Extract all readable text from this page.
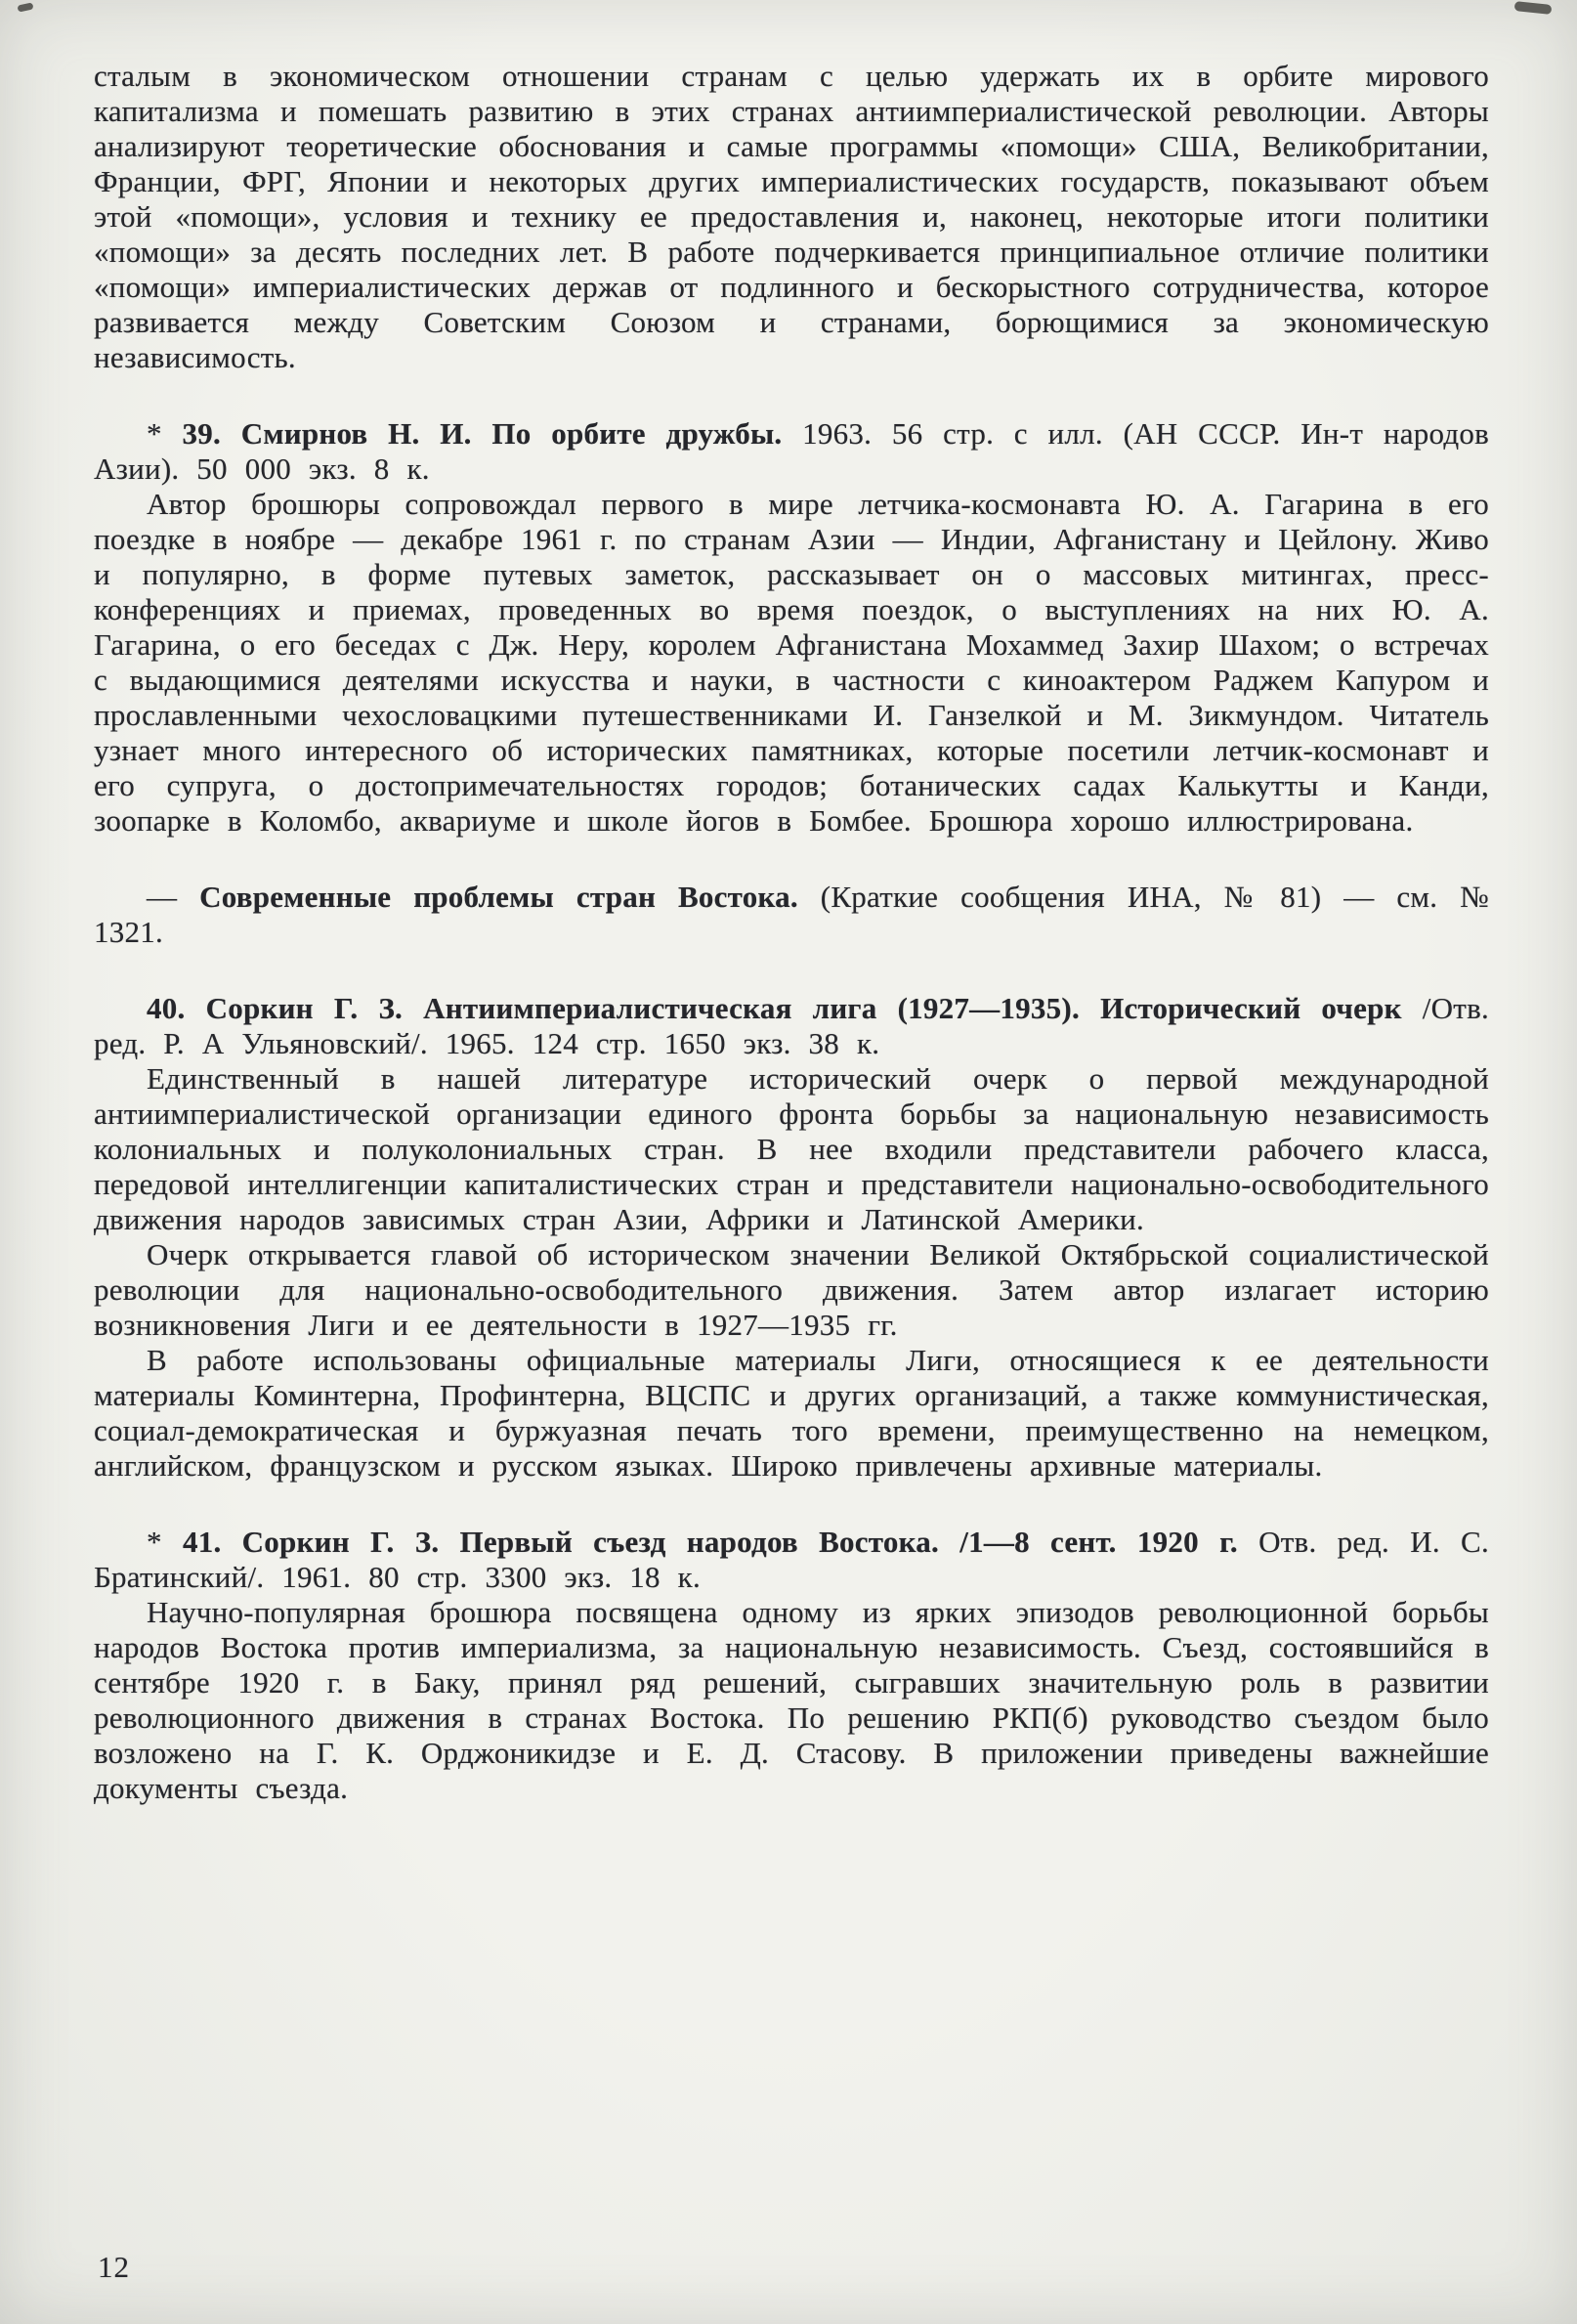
сталым в экономическом отношении странам с целью удержать их в орбите мирового капитализма и помешать развитию в этих странах антиимпериалистической революции. Авторы анализируют теоретические обоснования и самые программы «помощи» США, Великобритании, Франции, ФРГ, Японии и некоторых других империалистических государств, показывают объем этой «помощи», условия и технику ее предоставления и, наконец, некоторые итоги политики «помощи» за десять последних лет. В работе подчеркивается принципиальное отличие политики «помощи» империалистических держав от подлинного и бескорыстного сотрудничества, которое развивается между Советским Союзом и странами, борющимися за экономическую независимость.

* 39. Смирнов Н. И. По орбите дружбы. 1963. 56 стр. с илл. (АН СССР. Ин-т народов Азии). 50 000 экз. 8 к.

Автор брошюры сопровождал первого в мире летчика-космонавта Ю. А. Гагарина в его поездке в ноябре — декабре 1961 г. по странам Азии — Индии, Афганистану и Цейлону. Живо и популярно, в форме путевых заметок, рассказывает он о массовых митингах, пресс-конференциях и приемах, проведенных во время поездок, о выступлениях на них Ю. А. Гагарина, о его беседах с Дж. Неру, королем Афганистана Мохаммед Захир Шахом; о встречах с выдающимися деятелями искусства и науки, в частности с киноактером Раджем Капуром и прославленными чехословацкими путешественниками И. Ганзелкой и М. Зикмундом. Читатель узнает много интересного об исторических памятниках, которые посетили летчик-космонавт и его супруга, о достопримечательностях городов; ботанических садах Калькутты и Канди, зоопарке в Коломбо, аквариуме и школе йогов в Бомбее. Брошюра хорошо иллюстрирована.

— Современные проблемы стран Востока. (Краткие сообщения ИНА, № 81) — см. № 1321.

40. Соркин Г. З. Антиимпериалистическая лига (1927—1935). Исторический очерк /Отв. ред. Р. А Ульяновский/. 1965. 124 стр. 1650 экз. 38 к.

Единственный в нашей литературе исторический очерк о первой международной антиимпериалистической организации единого фронта борьбы за национальную независимость колониальных и полуколониальных стран. В нее входили представители рабочего класса, передовой интеллигенции капиталистических стран и представители национально-освободительного движения народов зависимых стран Азии, Африки и Латинской Америки.

Очерк открывается главой об историческом значении Великой Октябрьской социалистической революции для национально-освободительного движения. Затем автор излагает историю возникновения Лиги и ее деятельности в 1927—1935 гг.

В работе использованы официальные материалы Лиги, относящиеся к ее деятельности материалы Коминтерна, Профинтерна, ВЦСПС и других организаций, а также коммунистическая, социал-демократическая и буржуазная печать того времени, преимущественно на немецком, английском, французском и русском языках. Широко привлечены архивные материалы.

* 41. Соркин Г. З. Первый съезд народов Востока. /1—8 сент. 1920 г. Отв. ред. И. С. Братинский/. 1961. 80 стр. 3300 экз. 18 к.

Научно-популярная брошюра посвящена одному из ярких эпизодов революционной борьбы народов Востока против империализма, за национальную независимость. Съезд, состоявшийся в сентябре 1920 г. в Баку, принял ряд решений, сыгравших значительную роль в развитии революционного движения в странах Востока. По решению РКП(б) руководство съездом было возложено на Г. К. Орджоникидзе и Е. Д. Стасову. В приложении приведены важнейшие документы съезда.

12
